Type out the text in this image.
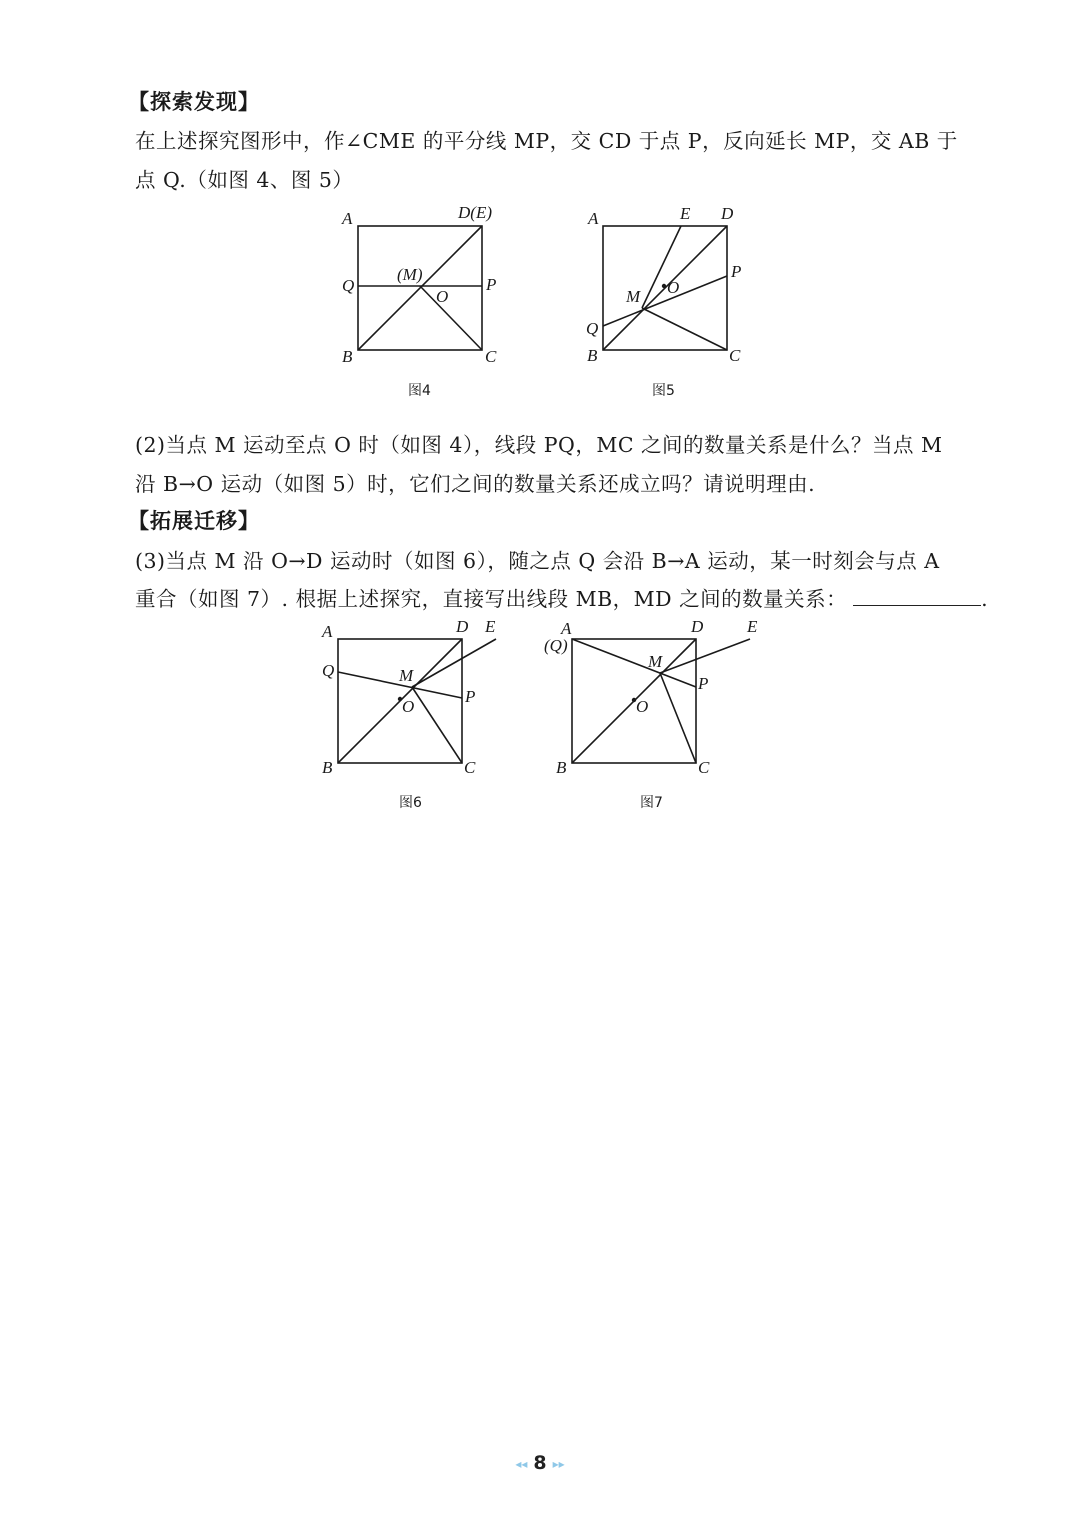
【探索发现】
在上述探究图形中，作∠CME 的平分线 MP，交 CD 于点 P，反向延长 MP，交 AB 于
点 Q.（如图 4、图 5）
A	D(E)
Q
(M)
O
P
B	C
图4
A	E D
P
M O
Q
B	C
图5
(2)当点 M 运动至点 O 时（如图 4），线段 PQ，MC 之间的数量关系是什么？当点 M
沿 B→O 运动（如图 5）时，它们之间的数量关系还成立吗？请说明理由.
【拓展迁移】
(3)当点 M 沿 O→D 运动时（如图 6），随之点 Q 会沿 B→A 运动，某一时刻会与点 A
重合（如图 7）. 根据上述探究，直接写出线段 MB，MD 之间的数量关系：	.
A	D E
Q	M
O
P
B	C
图6
A
(Q)
D	E
M
O
P
B	C
图7
◂◂ 8 ▸▸
